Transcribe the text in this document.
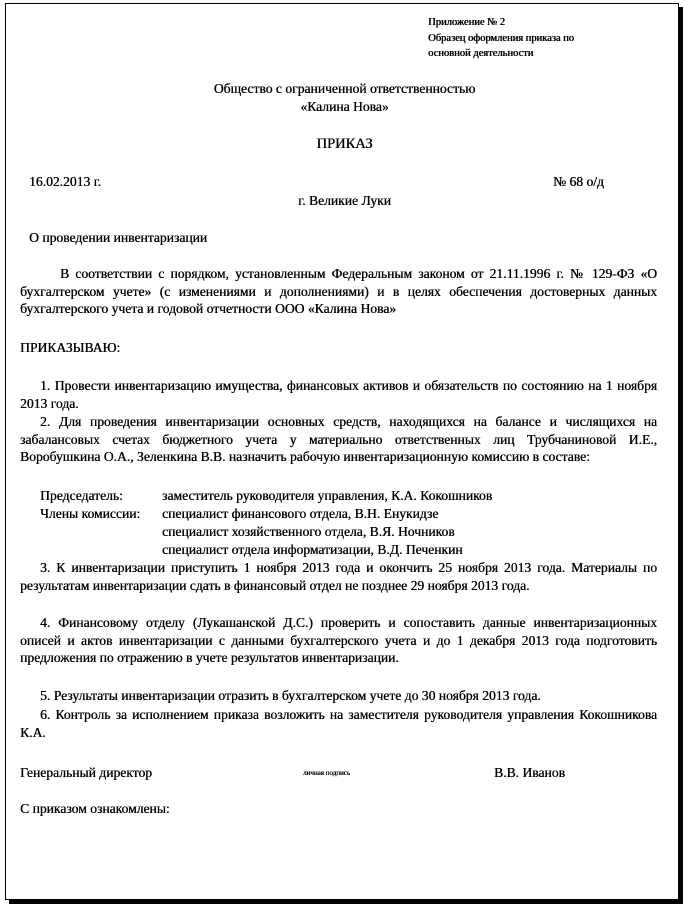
Приложение № 2
Образец оформления приказа по
основной деятельности
Общество с ограниченной ответственностью
«Калина Нова»
ПРИКАЗ
16.02.2013 г.	№ 68 о/д
г. Великие Луки
О проведении инвентаризации
В соответствии с порядком, установленным Федеральным законом от 21.11.1996 г. № 129-ФЗ «О бухгалтерском учете» (с изменениями и дополнениями) и в целях обеспечения достоверных данных бухгалтерского учета и годовой отчетности ООО «Калина Нова»
ПРИКАЗЫВАЮ:
1. Провести инвентаризацию имущества, финансовых активов и обязательств по состоянию на 1 ноября 2013 года.
2. Для проведения инвентаризации основных средств, находящихся на балансе и числящихся на забалансовых счетах бюджетного учета у материально ответственных лиц Трубчаниновой И.Е., Воробушкина О.А., Зеленкина В.В. назначить рабочую инвентаризационную комиссию в составе:
Председатель:	заместитель руководителя управления, К.А. Кокошников
Члены комиссии: специалист финансового отдела, В.Н. Енукидзе
специалист хозяйственного отдела, В.Я. Ночников
специалист отдела информатизации, В.Д. Печенкин
3. К инвентаризации приступить 1 ноября 2013 года и окончить 25 ноября 2013 года. Материалы по результатам инвентаризации сдать в финансовый отдел не позднее 29 ноября 2013 года.
4. Финансовому отделу (Лукашанской Д.С.) проверить и сопоставить данные инвентаризационных описей и актов инвентаризации с данными бухгалтерского учета и до 1 декабря 2013 года подготовить предложения по отражению в учете результатов инвентаризации.
5. Результаты инвентаризации отразить в бухгалтерском учете до 30 ноября 2013 года.
6. Контроль за исполнением приказа возложить на заместителя руководителя управления Кокошникова К.А.
Генеральный директор	личная подпись	В.В. Иванов
С приказом ознакомлены:
